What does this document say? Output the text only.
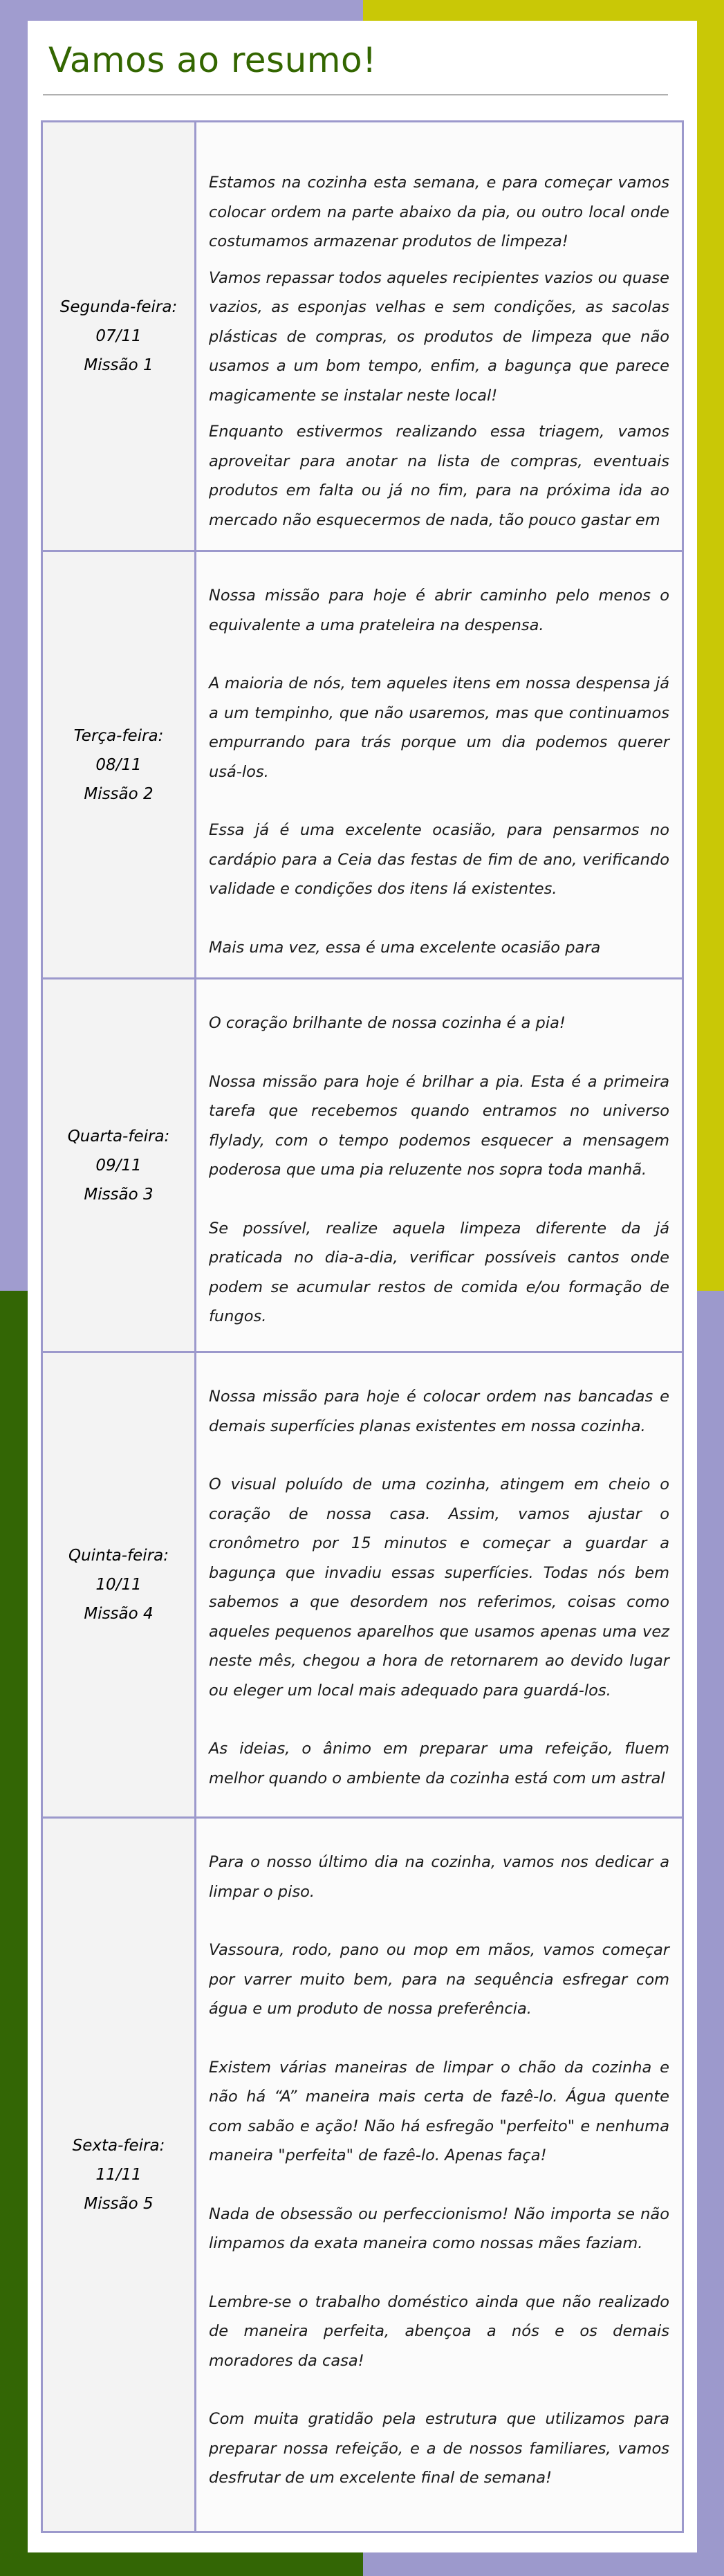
Vamos ao resumo!
Segunda-feira:
07/11
Missão 1

Estamos na cozinha esta semana, e para começar vamos colocar ordem na parte abaixo da pia, ou outro local onde costumamos armazenar produtos de limpeza!

Vamos repassar todos aqueles recipientes vazios ou quase vazios, as esponjas velhas e sem condições, as sacolas plásticas de compras, os produtos de limpeza que não usamos a um bom tempo, enfim, a bagunça que parece magicamente se instalar neste local!

Enquanto estivermos realizando essa triagem, vamos aproveitar para anotar na lista de compras, eventuais produtos em falta ou já no fim, para na próxima ida ao mercado não esquecermos de nada, tão pouco gastar em

Terça-feira:
08/11
Missão 2

Nossa missão para hoje é abrir caminho pelo menos o equivalente a uma prateleira na despensa.

A maioria de nós, tem aqueles itens em nossa despensa já a um tempinho, que não usaremos, mas que continuamos empurrando para trás porque um dia podemos querer usá-los.

Essa já é uma excelente ocasião, para pensarmos no cardápio para a Ceia das festas de fim de ano, verificando validade e condições dos itens lá existentes.

Mais uma vez, essa é uma excelente ocasião para

Quarta-feira:
09/11
Missão 3

O coração brilhante de nossa cozinha é a pia!

Nossa missão para hoje é brilhar a pia. Esta é a primeira tarefa que recebemos quando entramos no universo flylady, com o tempo podemos esquecer a mensagem poderosa que uma pia reluzente nos sopra toda manhã.

Se possível, realize aquela limpeza diferente da já praticada no dia-a-dia, verificar possíveis cantos onde podem se acumular restos de comida e/ou formação de fungos.

Quinta-feira:
10/11
Missão 4

Nossa missão para hoje é colocar ordem nas bancadas e demais superfícies planas existentes em nossa cozinha.

O visual poluído de uma cozinha, atingem em cheio o coração de nossa casa. Assim, vamos ajustar o cronômetro por 15 minutos e começar a guardar a bagunça que invadiu essas superfícies. Todas nós bem sabemos a que desordem nos referimos, coisas como aqueles pequenos aparelhos que usamos apenas uma vez neste mês, chegou a hora de retornarem ao devido lugar ou eleger um local mais adequado para guardá-los.

As ideias, o ânimo em preparar uma refeição, fluem melhor quando o ambiente da cozinha está com um astral

Sexta-feira:
11/11
Missão 5

Para o nosso último dia na cozinha, vamos nos dedicar a limpar o piso.

Vassoura, rodo, pano ou mop em mãos, vamos começar por varrer muito bem, para na sequência esfregar com água e um produto de nossa preferência.

Existem várias maneiras de limpar o chão da cozinha e não há “A” maneira mais certa de fazê-lo. Água quente com sabão e ação! Não há esfregão "perfeito" e nenhuma maneira "perfeita" de fazê-lo. Apenas faça!

Nada de obsessão ou perfeccionismo! Não importa se não limpamos da exata maneira como nossas mães faziam.

Lembre-se o trabalho doméstico ainda que não realizado de maneira perfeita, abençoa a nós e os demais moradores da casa!

Com muita gratidão pela estrutura que utilizamos para preparar nossa refeição, e a de nossos familiares, vamos desfrutar de um excelente final de semana!
